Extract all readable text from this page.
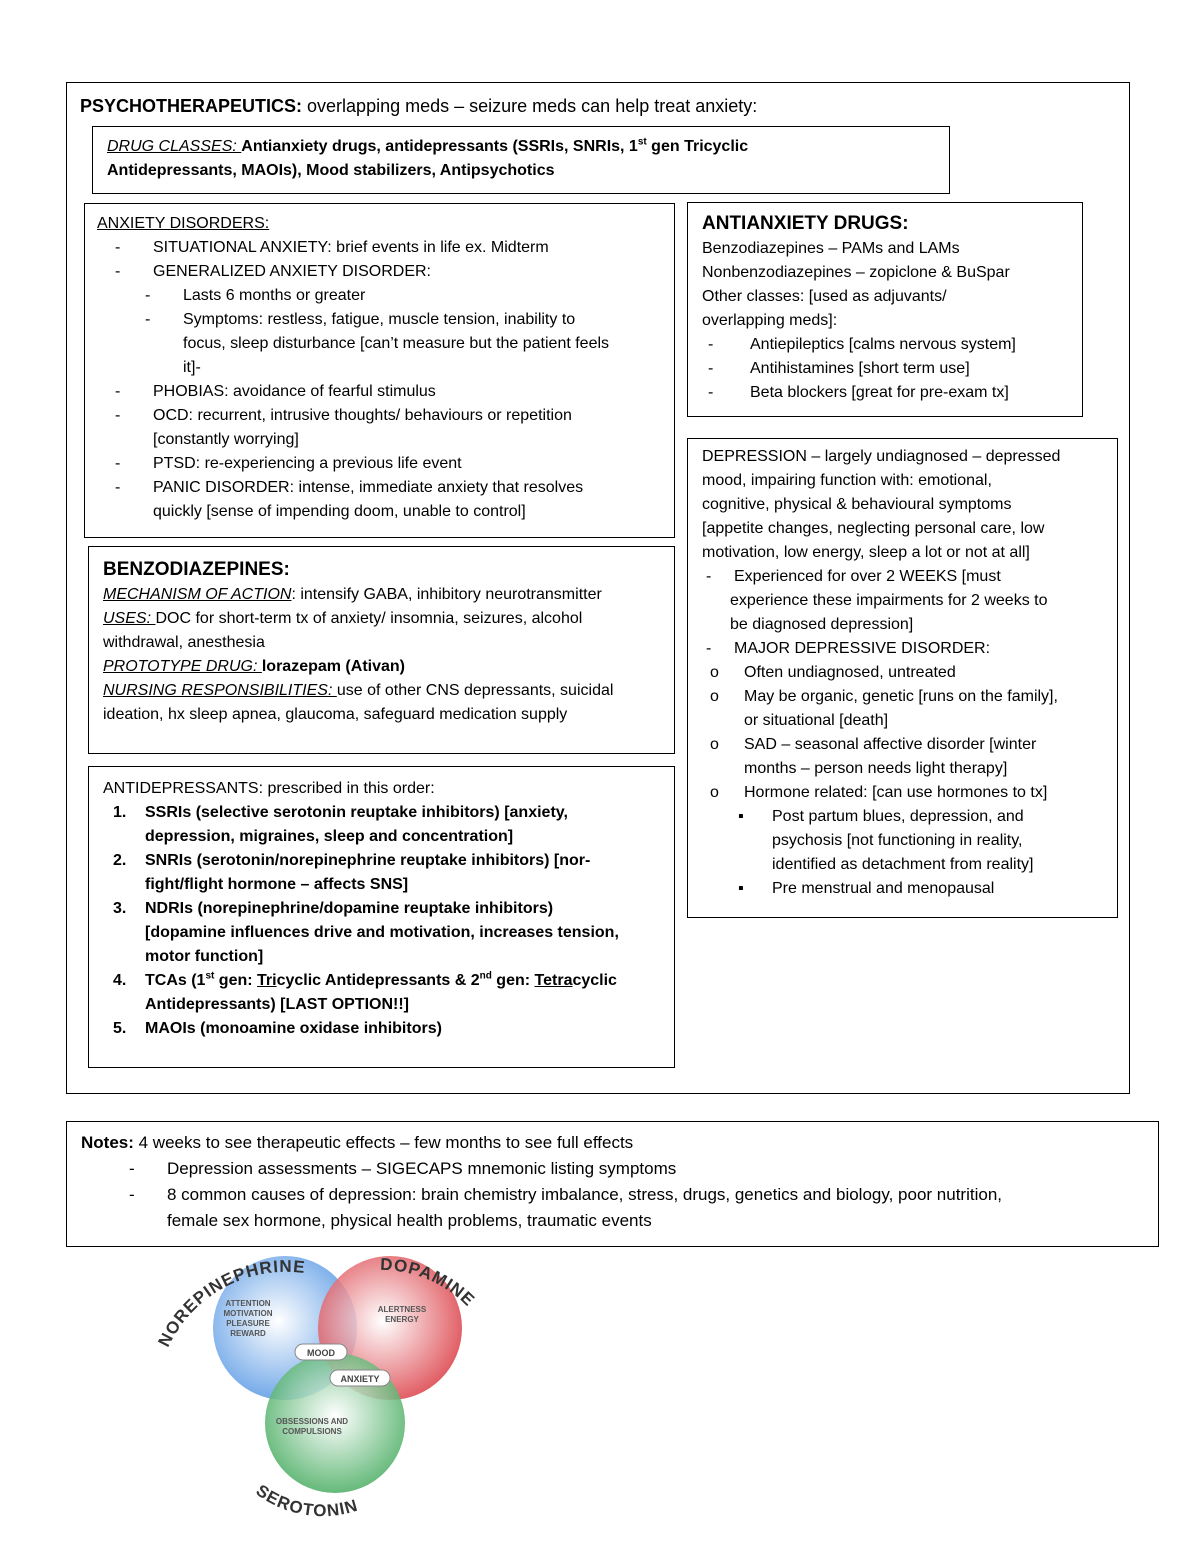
PSYCHOTHERAPEUTICS: overlapping meds – seizure meds can help treat anxiety:
DRUG CLASSES: Antianxiety drugs, antidepressants (SSRIs, SNRIs, 1st gen Tricyclic
Antidepressants, MAOIs), Mood stabilizers, Antipsychotics
ANXIETY DISORDERS:
-	SITUATIONAL ANXIETY: brief events in life ex. Midterm
-	GENERALIZED ANXIETY DISORDER:
-	Lasts 6 months or greater
-	Symptoms: restless, fatigue, muscle tension, inability to
focus, sleep disturbance [can’t measure but the patient feels
it]-
-	PHOBIAS: avoidance of fearful stimulus
-	OCD: recurrent, intrusive thoughts/ behaviours or repetition
[constantly worrying]
-	PTSD: re-experiencing a previous life event
-	PANIC DISORDER: intense, immediate anxiety that resolves
quickly [sense of impending doom, unable to control]
BENZODIAZEPINES:
MECHANISM OF ACTION: intensify GABA, inhibitory neurotransmitter
USES: DOC for short-term tx of anxiety/ insomnia, seizures, alcohol
withdrawal, anesthesia
PROTOTYPE DRUG: lorazepam (Ativan)
NURSING RESPONSIBILITIES: use of other CNS depressants, suicidal
ideation, hx sleep apnea, glaucoma, safeguard medication supply
ANTIDEPRESSANTS: prescribed in this order:
1.	SSRIs (selective serotonin reuptake inhibitors) [anxiety,
depression, migraines, sleep and concentration]
2.	SNRIs (serotonin/norepinephrine reuptake inhibitors) [nor-
fight/flight hormone – affects SNS]
3.	NDRIs (norepinephrine/dopamine reuptake inhibitors)
[dopamine influences drive and motivation, increases tension,
motor function]
4.	TCAs (1st gen: Tricyclic Antidepressants & 2nd gen: Tetracyclic
Antidepressants) [LAST OPTION!!]
5.	MAOIs (monoamine oxidase inhibitors)
ANTIANXIETY DRUGS:
Benzodiazepines – PAMs and LAMs
Nonbenzodiazepines – zopiclone & BuSpar
Other classes: [used as adjuvants/
overlapping meds]:
-	Antiepileptics [calms nervous system]
-	Antihistamines [short term use]
-	Beta blockers [great for pre-exam tx]
DEPRESSION – largely undiagnosed – depressed
mood, impairing function with: emotional,
cognitive, physical & behavioural symptoms
[appetite changes, neglecting personal care, low
motivation, low energy, sleep a lot or not at all]
-	Experienced for over 2 WEEKS [must
experience these impairments for 2 weeks to
be diagnosed depression]
-	MAJOR DEPRESSIVE DISORDER:
o	Often undiagnosed, untreated
o	May be organic, genetic [runs on the family],
or situational [death]
o	SAD – seasonal affective disorder [winter
months – person needs light therapy]
o	Hormone related: [can use hormones to tx]
▪	Post partum blues, depression, and
psychosis [not functioning in reality,
identified as detachment from reality]
▪	Pre menstrual and menopausal
Notes: 4 weeks to see therapeutic effects – few months to see full effects
-	Depression assessments – SIGECAPS mnemonic listing symptoms
-	8 common causes of depression: brain chemistry imbalance, stress, drugs, genetics and biology, poor nutrition,
female sex hormone, physical health problems, traumatic events
NOREPINEPHRINE	DOPAMINE
SEROTONIN
ATTENTION
MOTIVATION
PLEASURE
REWARD
ALERTNESS
ENERGY
OBSESSIONS AND
COMPULSIONS
MOOD
ANXIETY
